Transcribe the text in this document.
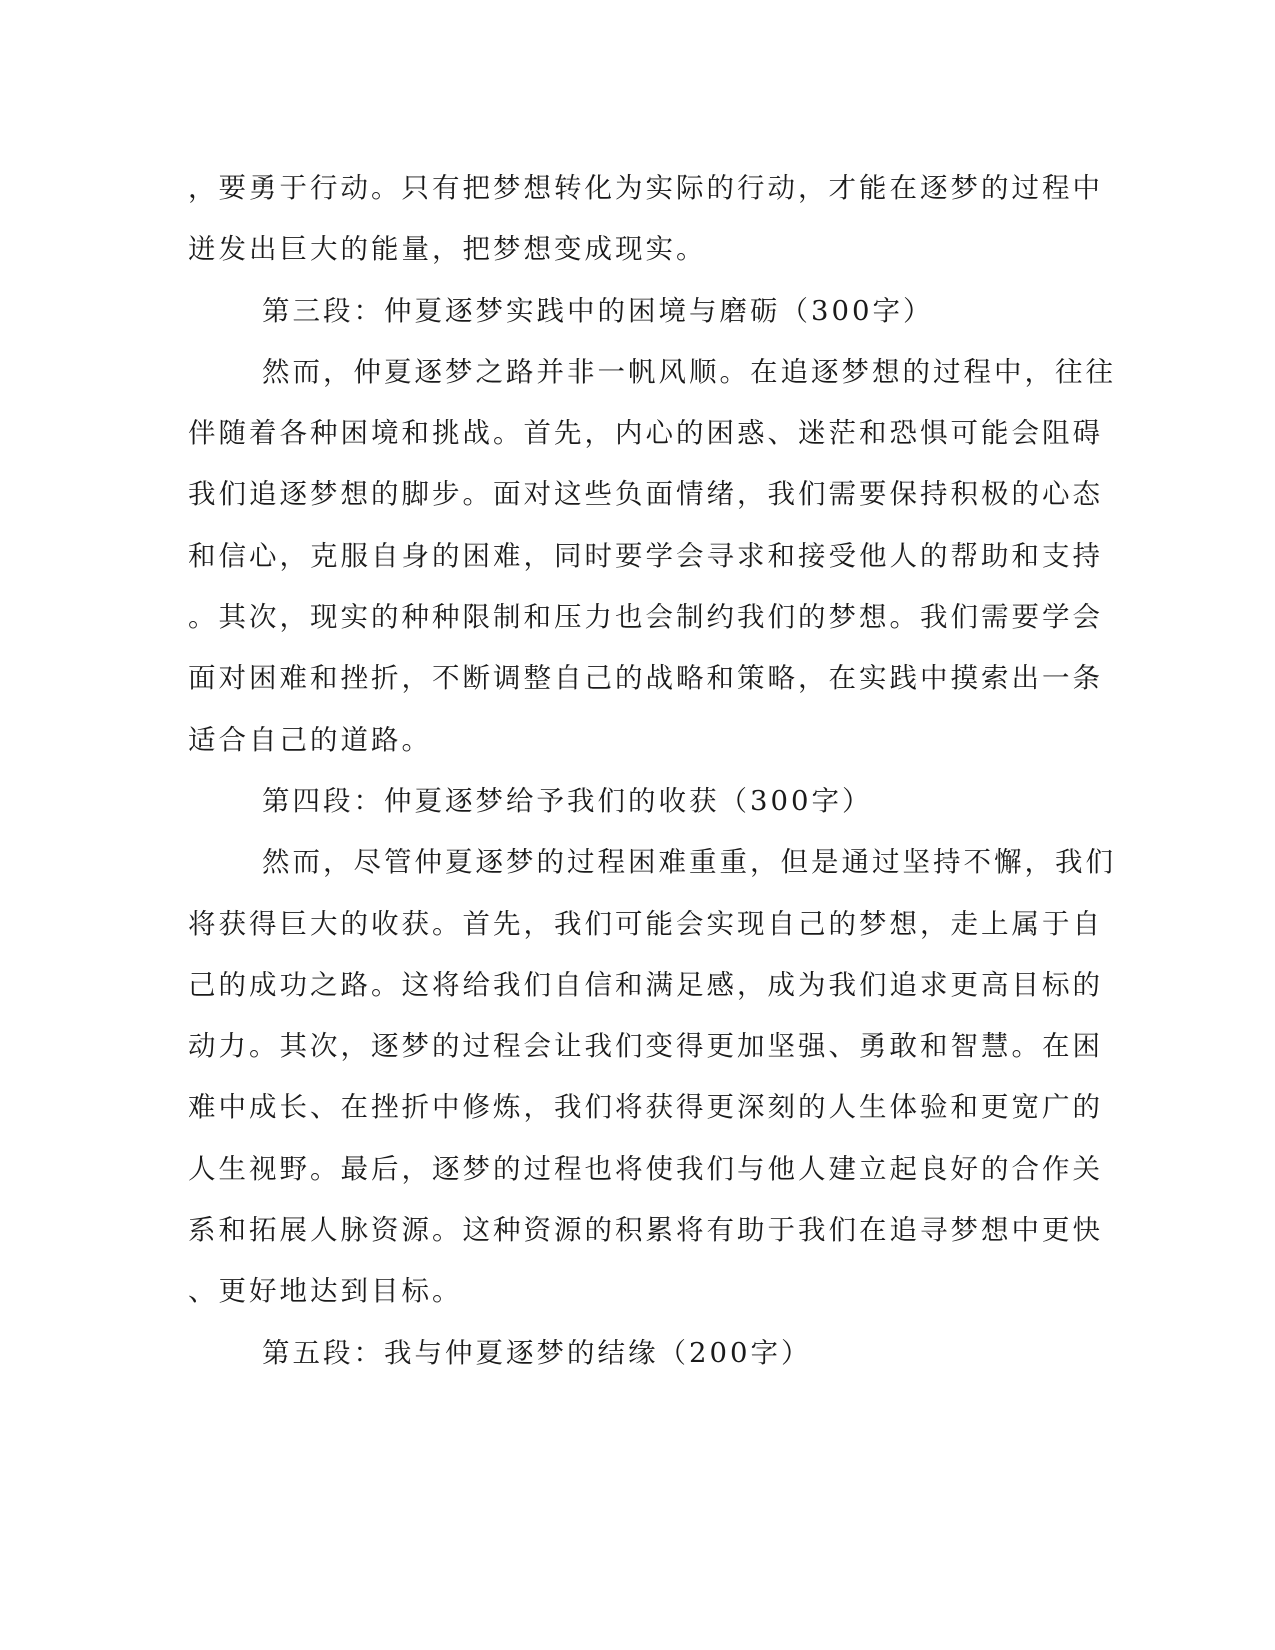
，要勇于行动。只有把梦想转化为实际的行动，才能在逐梦的过程中
迸发出巨大的能量，把梦想变成现实。
第三段：仲夏逐梦实践中的困境与磨砺（300字）
然而，仲夏逐梦之路并非一帆风顺。在追逐梦想的过程中，往往
伴随着各种困境和挑战。首先，内心的困惑、迷茫和恐惧可能会阻碍
我们追逐梦想的脚步。面对这些负面情绪，我们需要保持积极的心态
和信心，克服自身的困难，同时要学会寻求和接受他人的帮助和支持
。其次，现实的种种限制和压力也会制约我们的梦想。我们需要学会
面对困难和挫折，不断调整自己的战略和策略，在实践中摸索出一条
适合自己的道路。
第四段：仲夏逐梦给予我们的收获（300字）
然而，尽管仲夏逐梦的过程困难重重，但是通过坚持不懈，我们
将获得巨大的收获。首先，我们可能会实现自己的梦想，走上属于自
己的成功之路。这将给我们自信和满足感，成为我们追求更高目标的
动力。其次，逐梦的过程会让我们变得更加坚强、勇敢和智慧。在困
难中成长、在挫折中修炼，我们将获得更深刻的人生体验和更宽广的
人生视野。最后，逐梦的过程也将使我们与他人建立起良好的合作关
系和拓展人脉资源。这种资源的积累将有助于我们在追寻梦想中更快
、更好地达到目标。
第五段：我与仲夏逐梦的结缘（200字）
